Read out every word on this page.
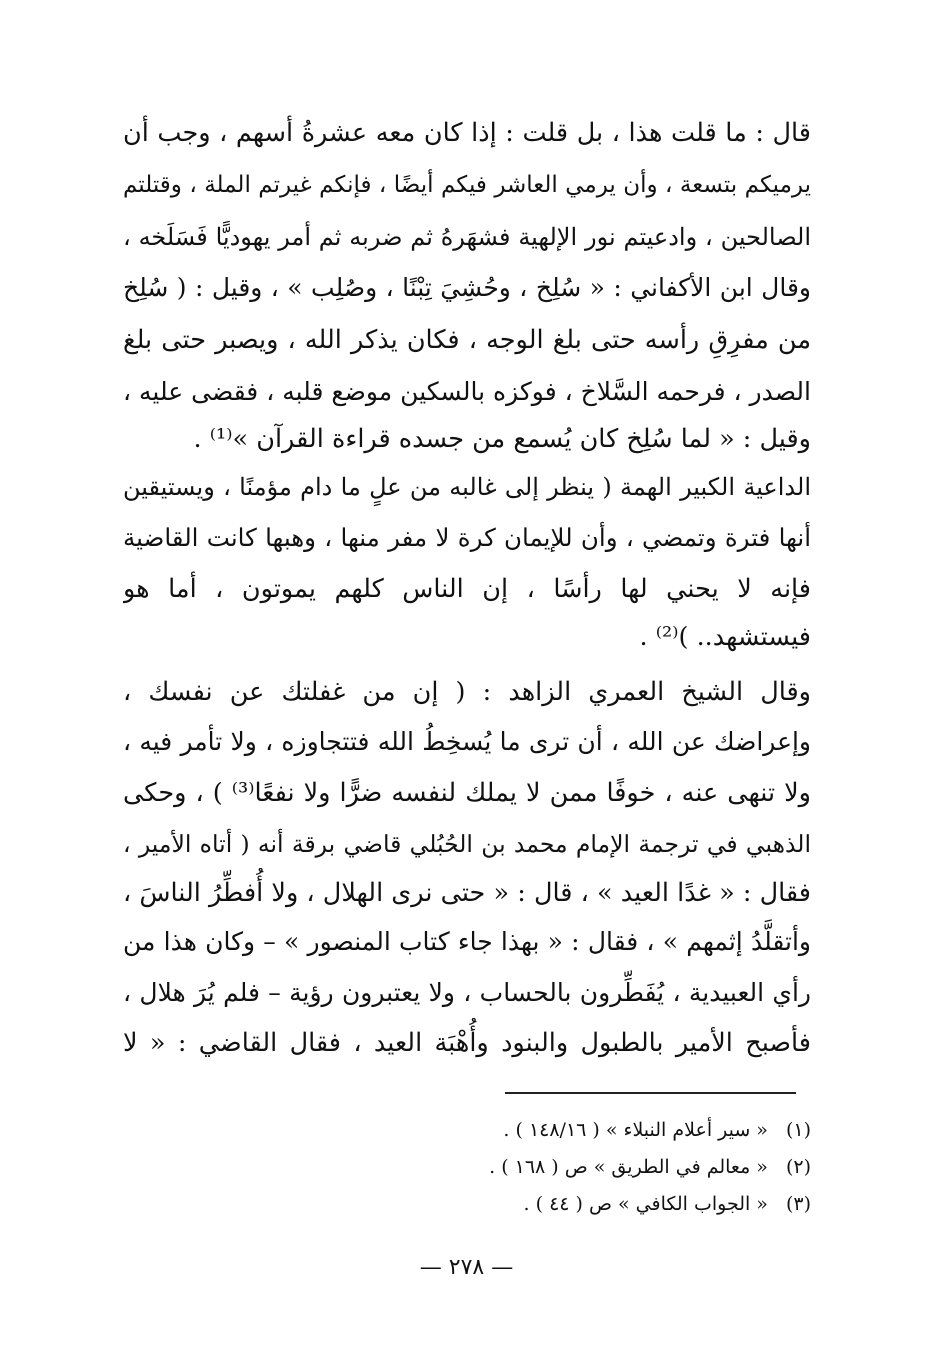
قال : ما قلت هذا ، بل قلت : إذا كان معه عشرةُ أسهم ، وجب أن
يرميكم بتسعة ، وأن يرمي العاشر فيكم أيضًا ، فإنكم غيرتم الملة ، وقتلتم
الصالحين ، وادعيتم نور الإلهية فشهَرهُ ثم ضربه ثم أمر يهوديًّا فَسَلَخه ،
وقال ابن الأكفاني : « سُلِخ ، وحُشِيَ تِبْنًا ، وصُلِب » ، وقيل : ( سُلِخ
من مفرِقِ رأسه حتى بلغ الوجه ، فكان يذكر الله ، ويصبر حتى بلغ
الصدر ، فرحمه السَّلاخ ، فوكزه بالسكين موضع قلبه ، فقضى عليه ،
وقيل : « لما سُلِخ كان يُسمع من جسده قراءة القرآن »⁽¹⁾ .
الداعية الكبير الهمة ( ينظر إلى غالبه من علٍ ما دام مؤمنًا ، ويستيقين
أنها فترة وتمضي ، وأن للإيمان كرة لا مفر منها ، وهبها كانت القاضية
فإنه لا يحني لها رأسًا ، إن الناس كلهم يموتون ، أما هو
فيستشهد.. )⁽²⁾ .
وقال الشيخ العمري الزاهد : ( إن من غفلتك عن نفسك ،
وإعراضك عن الله ، أن ترى ما يُسخِطُ الله فتتجاوزه ، ولا تأمر فيه ،
ولا تنهى عنه ، خوفًا ممن لا يملك لنفسه ضرًّا ولا نفعًا⁽³⁾ ) ، وحكى
الذهبي في ترجمة الإمام محمد بن الحُبُلي قاضي برقة أنه ( أتاه الأمير ،
فقال : « غدًا العيد » ، قال : « حتى نرى الهلال ، ولا أُفطِّرُ الناسَ ،
وأتقلَّدُ إثمهم » ، فقال : « بهذا جاء كتاب المنصور » – وكان هذا من
رأي العبيدية ، يُفَطِّرون بالحساب ، ولا يعتبرون رؤية – فلم يُرَ هلال ،
فأصبح الأمير بالطبول والبنود وأُهْبَة العيد ، فقال القاضي : « لا
(١)« سير أعلام النبلاء » ( ١٤٨/١٦ ) .
(٢)« معالم في الطريق » ص ( ١٦٨ ) .
(٣)« الجواب الكافي » ص ( ٤٤ ) .
— ٢٧٨ —
